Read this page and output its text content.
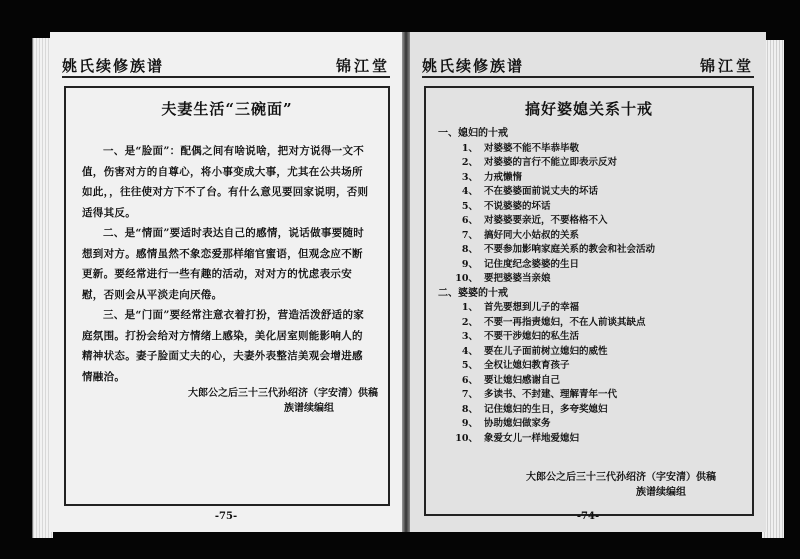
姚氏续修族谱	锦江堂
夫妻生活“三碗面”

一、是“脸面”：配偶之间有啥说啥，把对方说得一文不值，伤害对方的自尊心，将小事变成大事，尤其在公共场所如此，，往往使对方下不了台。有什么意见要回家说明，否则适得其反。

二、是“情面”要适时表达自己的感情，说话做事要随时想到对方。感情虽然不象恋爱那样缩官蜜语，但观念应不断更新。要经常进行一些有趣的活动，对对方的忧虑表示安慰，否则会从平淡走向厌倦。

三、是“门面”要经常注意衣着打扮，营造活泼舒适的家庭氛围。打扮会给对方情绪上感染，美化居室则能影响人的精神状态。妻子脸面丈夫的心，夫妻外表整洁美观会增进感情融洽。

大郎公之后三十三代孙绍济（字安清）供稿
族谱续编组
-75-
姚氏续修族谱	锦江堂
搞好婆媳关系十戒
一、媳妇的十戒
1、 对婆婆不能不毕恭毕敬
2、 对婆婆的言行不能立即表示反对
3、 力戒懒惰
4、 不在婆婆面前说丈夫的坏话
5、 不说婆婆的坏话
6、 对婆婆要亲近，不要格格不入
7、 搞好同大小姑叔的关系
8、 不要参加影响家庭关系的教会和社会活动
9、 记住度纪念婆婆的生日
10、 要把婆婆当亲娘
二、婆婆的十戒
1、 首先要想到儿子的幸福
2、 不要一再指责媳妇，不在人前谈其缺点
3、 不要干涉媳妇的私生活
4、 要在儿子面前树立媳妇的威性
5、 全权让媳妇教育孩子
6、 要让媳妇感谢自己
7、 多读书、不封建、理解青年一代
8、 记住媳妇的生日，多夸奖媳妇
9、 协助媳妇做家务
10、 象爱女儿一样地爱媳妇
大郎公之后三十三代孙绍济（字安清）供稿
族谱续编组
-74-
